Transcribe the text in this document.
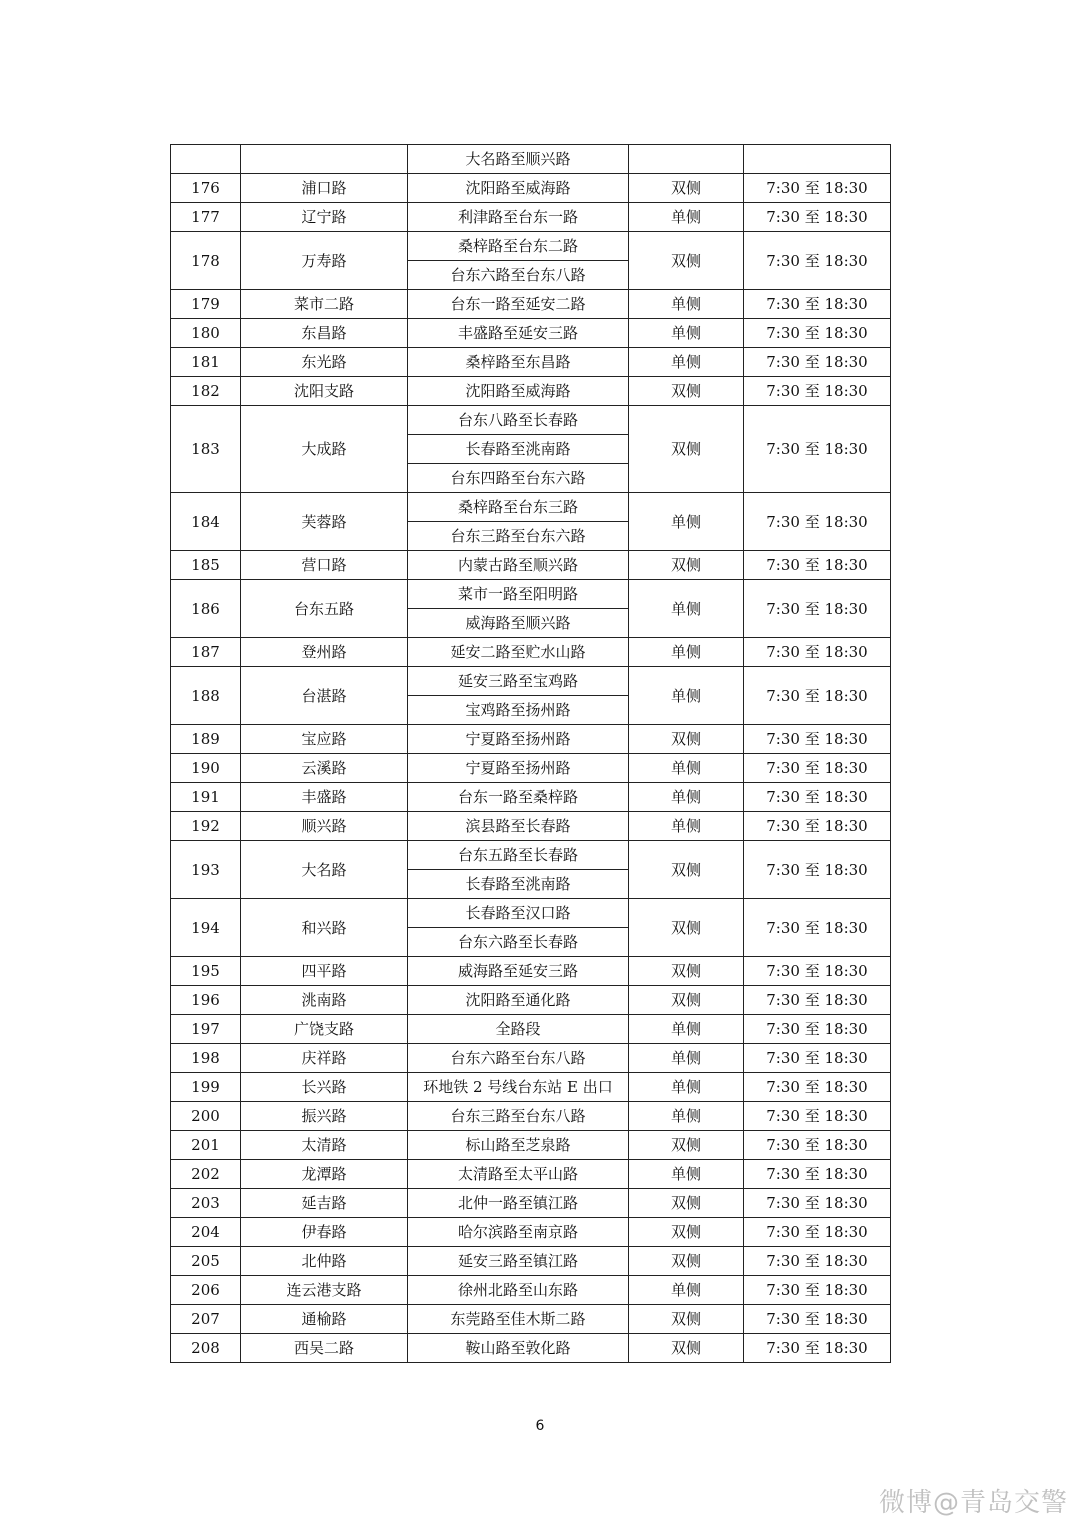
		大名路至顺兴路		
176	浦口路	沈阳路至威海路	双侧	7:30 至 18:30
177	辽宁路	利津路至台东一路	单侧	7:30 至 18:30
178	万寿路	桑梓路至台东二路	双侧	7:30 至 18:30
		台东六路至台东八路		
179	菜市二路	台东一路至延安二路	单侧	7:30 至 18:30
180	东昌路	丰盛路至延安三路	单侧	7:30 至 18:30
181	东光路	桑梓路至东昌路	单侧	7:30 至 18:30
182	沈阳支路	沈阳路至威海路	双侧	7:30 至 18:30
183	大成路	台东八路至长春路	双侧	7:30 至 18:30
		长春路至洮南路		
		台东四路至台东六路		
184	芙蓉路	桑梓路至台东三路	单侧	7:30 至 18:30
		台东三路至台东六路		
185	营口路	内蒙古路至顺兴路	双侧	7:30 至 18:30
186	台东五路	菜市一路至阳明路	单侧	7:30 至 18:30
		威海路至顺兴路		
187	登州路	延安二路至贮水山路	单侧	7:30 至 18:30
188	台湛路	延安三路至宝鸡路	单侧	7:30 至 18:30
		宝鸡路至扬州路		
189	宝应路	宁夏路至扬州路	双侧	7:30 至 18:30
190	云溪路	宁夏路至扬州路	单侧	7:30 至 18:30
191	丰盛路	台东一路至桑梓路	单侧	7:30 至 18:30
192	顺兴路	滨县路至长春路	单侧	7:30 至 18:30
193	大名路	台东五路至长春路	双侧	7:30 至 18:30
		长春路至洮南路		
194	和兴路	长春路至汉口路	双侧	7:30 至 18:30
		台东六路至长春路		
195	四平路	威海路至延安三路	双侧	7:30 至 18:30
196	洮南路	沈阳路至通化路	双侧	7:30 至 18:30
197	广饶支路	全路段	单侧	7:30 至 18:30
198	庆祥路	台东六路至台东八路	单侧	7:30 至 18:30
199	长兴路	环地铁 2 号线台东站 E 出口	单侧	7:30 至 18:30
200	振兴路	台东三路至台东八路	单侧	7:30 至 18:30
201	太清路	标山路至芝泉路	双侧	7:30 至 18:30
202	龙潭路	太清路至太平山路	单侧	7:30 至 18:30
203	延吉路	北仲一路至镇江路	双侧	7:30 至 18:30
204	伊春路	哈尔滨路至南京路	双侧	7:30 至 18:30
205	北仲路	延安三路至镇江路	双侧	7:30 至 18:30
206	连云港支路	徐州北路至山东路	单侧	7:30 至 18:30
207	通榆路	东莞路至佳木斯二路	双侧	7:30 至 18:30
208	西吴二路	鞍山路至敦化路	双侧	7:30 至 18:30
6
微博@青岛交警
